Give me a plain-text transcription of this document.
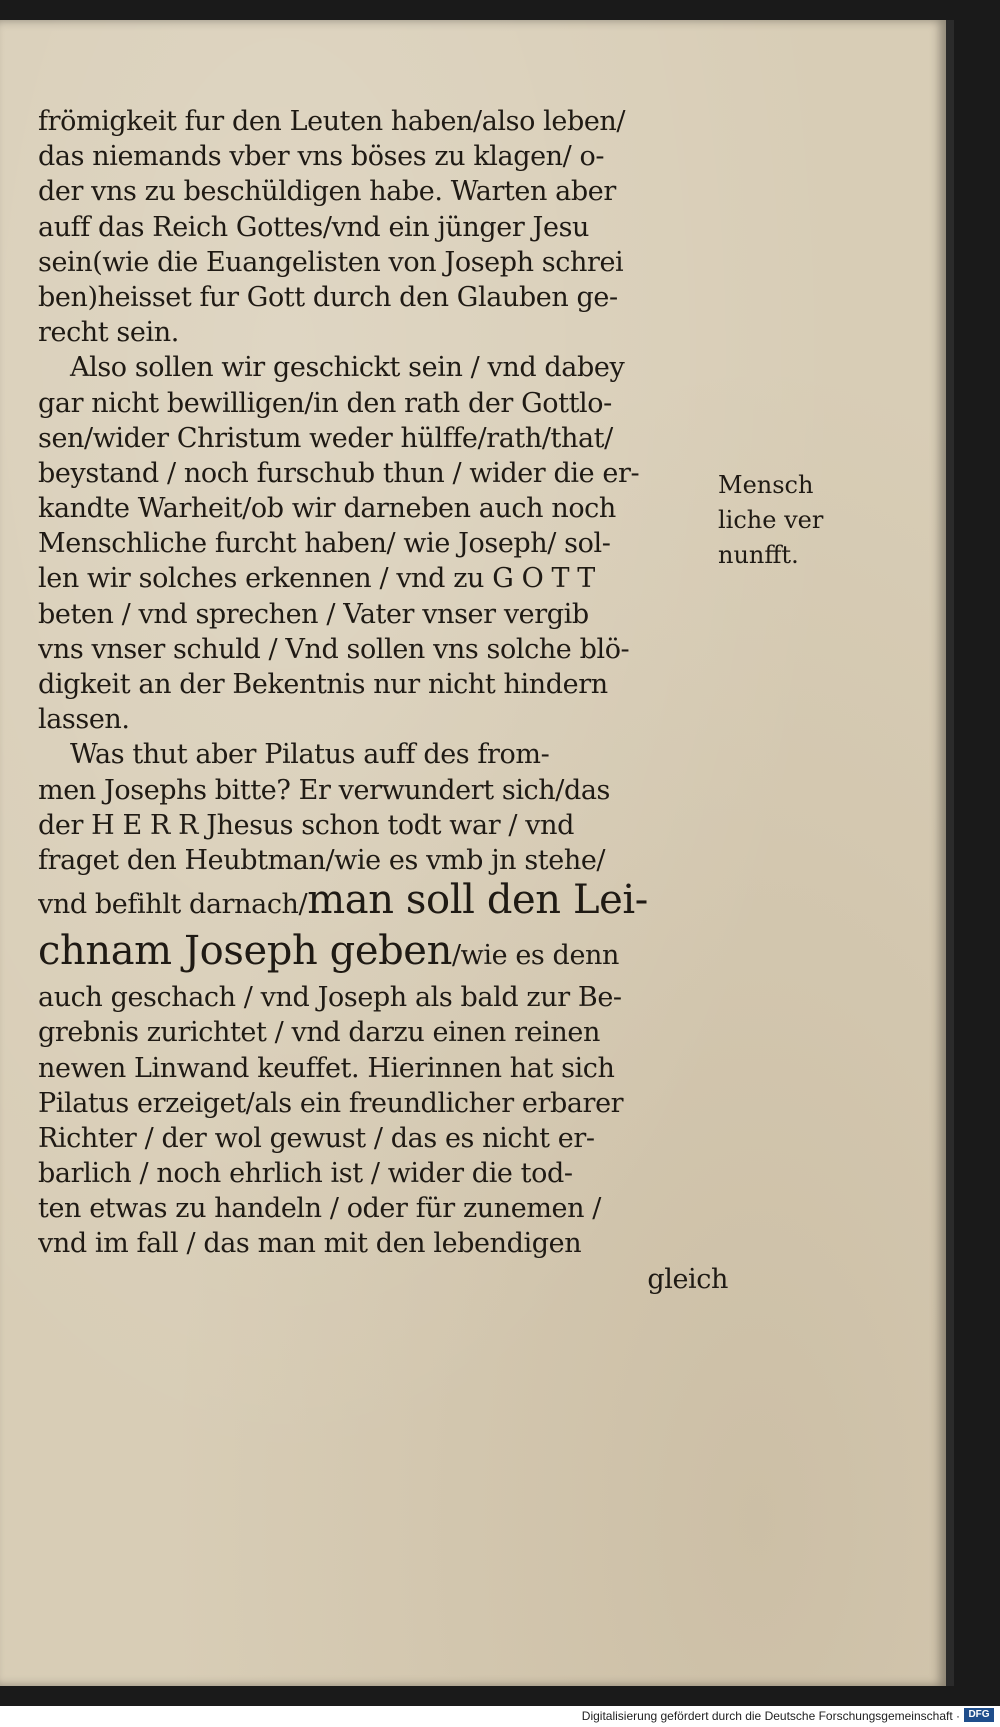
frömigkeit fur den Leuten haben/also leben/
das niemands vber vns böses zu klagen/ o-
der vns zu beschüldigen habe. Warten aber
auff das Reich Gottes/vnd ein jünger Jesu
sein(wie die Euangelisten von Joseph schrei
ben)heisset fur Gott durch den Glauben ge-
recht sein.
Also sollen wir geschickt sein / vnd dabey
gar nicht bewilligen/in den rath der Gottlo-
sen/wider Christum weder hülffe/rath/that/
beystand / noch furschub thun / wider die er-
kandte Warheit/ob wir darneben auch noch
Menschliche furcht haben/ wie Joseph/ sol-
len wir solches erkennen / vnd zu G O T T
beten / vnd sprechen / Vater vnser vergib
vns vnser schuld / Vnd sollen vns solche blö-
digkeit an der Bekentnis nur nicht hindern
lassen.
Was thut aber Pilatus auff des from-
men Josephs bitte? Er verwundert sich/das
der H E R R Jhesus schon todt war / vnd
fraget den Heubtman/wie es vmb jn stehe/
vnd befihlt darnach/man soll den Lei-
chnam Joseph geben/wie es denn
auch geschach / vnd Joseph als bald zur Be-
grebnis zurichtet / vnd darzu einen reinen
newen Linwand keuffet. Hierinnen hat sich
Pilatus erzeiget/als ein freundlicher erbarer
Richter / der wol gewust / das es nicht er-
barlich / noch ehrlich ist / wider die tod-
ten etwas zu handeln / oder für zunemen /
vnd im fall / das man mit den lebendigen
gleich
Mensch
liche ver
nunfft.
Digitalisierung gefördert durch die Deutsche Forschungsgemeinschaft · DFG
